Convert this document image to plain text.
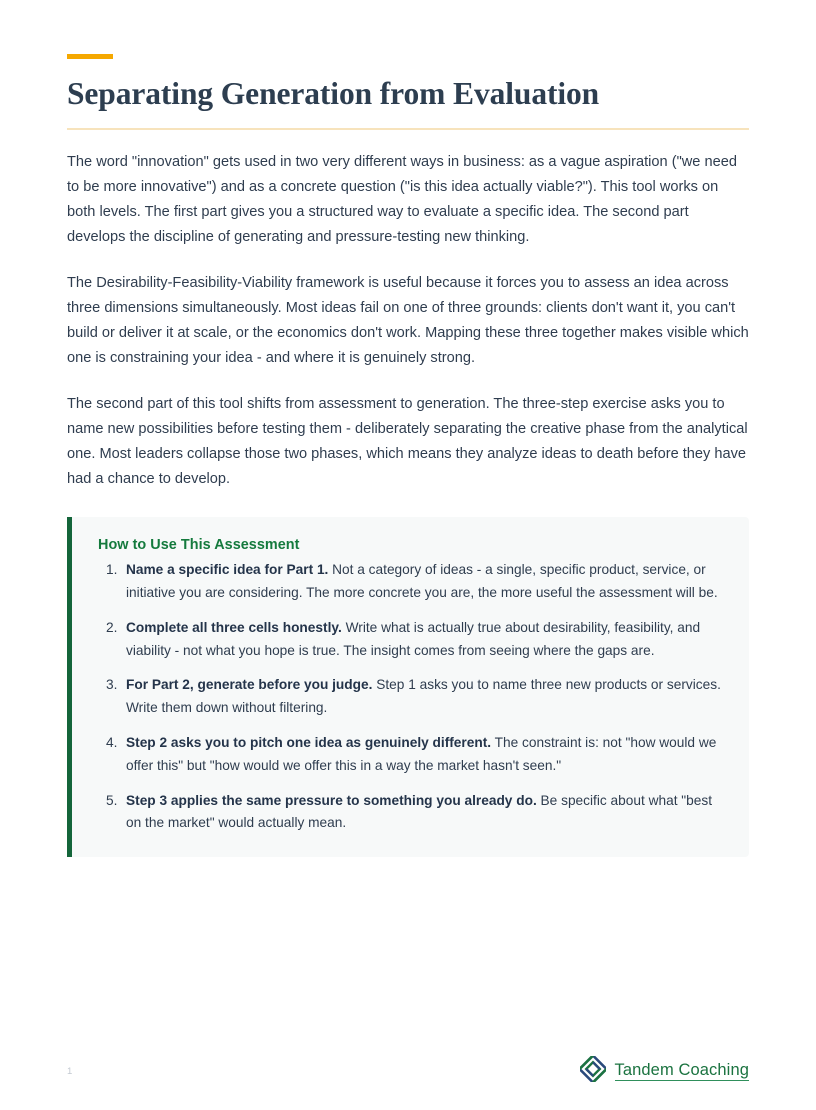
Separating Generation from Evaluation

The word "innovation" gets used in two very different ways in business: as a vague aspiration ("we need to be more innovative") and as a concrete question ("is this idea actually viable?"). This tool works on both levels. The first part gives you a structured way to evaluate a specific idea. The second part develops the discipline of generating and pressure-testing new thinking.

The Desirability-Feasibility-Viability framework is useful because it forces you to assess an idea across three dimensions simultaneously. Most ideas fail on one of three grounds: clients don't want it, you can't build or deliver it at scale, or the economics don't work. Mapping these three together makes visible which one is constraining your idea - and where it is genuinely strong.

The second part of this tool shifts from assessment to generation. The three-step exercise asks you to name new possibilities before testing them - deliberately separating the creative phase from the analytical one. Most leaders collapse those two phases, which means they analyze ideas to death before they have had a chance to develop.

How to Use This Assessment
Name a specific idea for Part 1. Not a category of ideas - a single, specific product, service, or initiative you are considering. The more concrete you are, the more useful the assessment will be.
Complete all three cells honestly. Write what is actually true about desirability, feasibility, and viability - not what you hope is true. The insight comes from seeing where the gaps are.
For Part 2, generate before you judge. Step 1 asks you to name three new products or services. Write them down without filtering.
Step 2 asks you to pitch one idea as genuinely different. The constraint is: not "how would we offer this" but "how would we offer this in a way the market hasn't seen."
Step 3 applies the same pressure to something you already do. Be specific about what "best on the market" would actually mean.
1	Tandem Coaching
